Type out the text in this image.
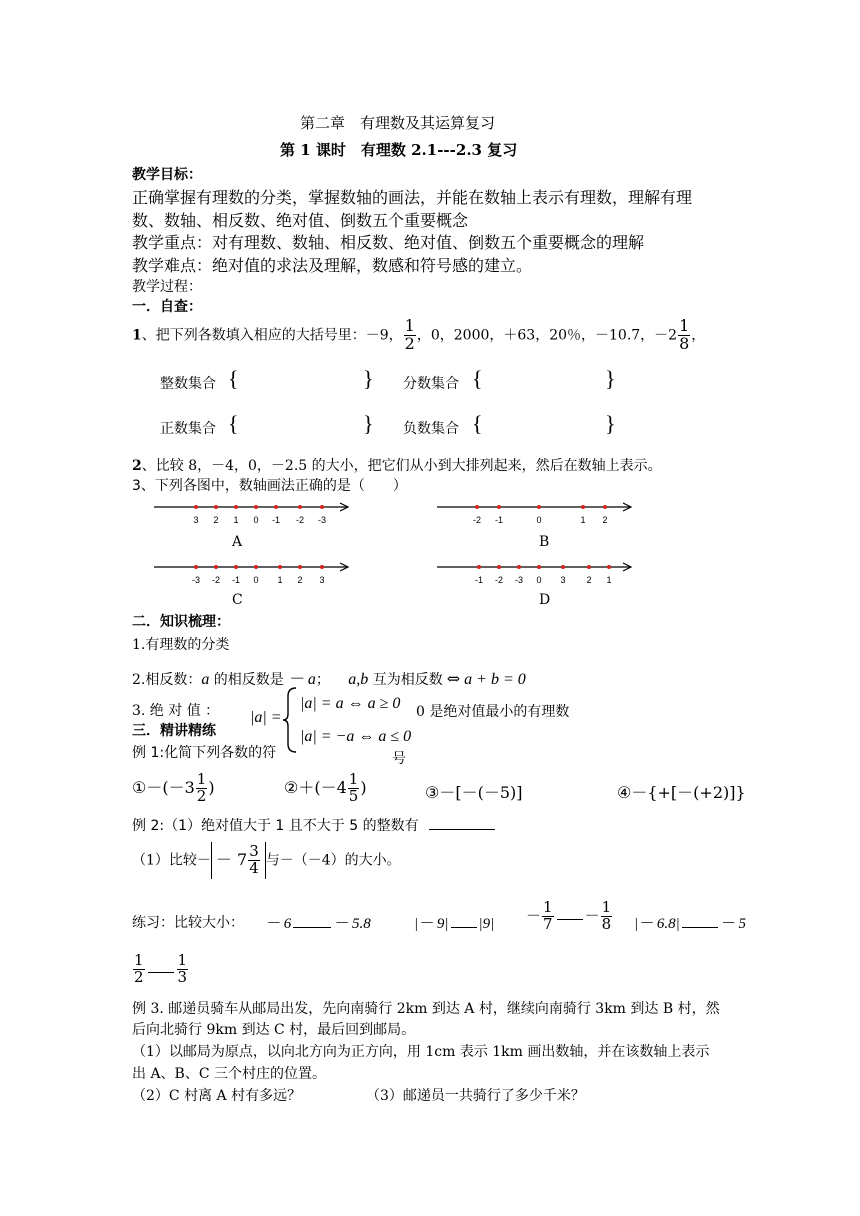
第二章　有理数及其运算复习
第 1 课时　有理数 2.1---2.3 复习
教学目标：
正确掌握有理数的分类，掌握数轴的画法，并能在数轴上表示有理数，理解有理
数、数轴、相反数、绝对值、倒数五个重要概念
教学重点：对有理数、数轴、相反数、绝对值、倒数五个重要概念的理解
教学难点：绝对值的求法及理解，数感和符号感的建立。
教学过程：
一．自查：
1、把下列各数填入相应的大括号里：－9， $\frac{1}{2}$ ，0，2000，＋63，20％，－10.7，$-2 \frac{1}{8}$ ，
整数集合 {	} 分数集合 {	}
正数集合 {	} 负数集合 {	}
2、比较 8，－4，0，－2.5 的大小，把它们从小到大排列起来，然后在数轴上表示。
3、下列各图中，数轴画法正确的是（　　）
3 2 1 0 -1 -2 -3
A
-2 -1	0	1 2
B
-3 -2 -1 0 1 2 3
C
-1 -2 -3 0 3 2 1
D
二．知识梳理：
1.有理数的分类
2.相反数：a 的相反数是 － a； a,b 互为相反数 ⇔ a + b = 0
3. 绝 对 值 ： |a| =
|a| = a ⇔ a ≥ 0
|a| = −a ⇔ a ≤ 0
0 是绝对值最小的有理数
三．精讲精练
例 1:化简下列各数的符	号
①－(－3 $\frac{1}{2}$ )	②＋(－4 $\frac{1}{5}$ )	③－[－(－5)]	④－{+[－(+2)]}
例 2:（1）绝对值大于 1 且不大于 5 的整数有
（1）比较－ － $7 \frac{3}{4}$ 与－（－4）的大小。
练习：比较大小： － 6	－ 5.8	|－ 9| $|9| - \frac{1}{7} - \frac{1}{8}$ |－ 6.8|	－ 5
$\frac{1}{2} \frac{1}{3}$
例 3. 邮递员骑车从邮局出发，先向南骑行 2km 到达 A 村，继续向南骑行 3km 到达 B 村，然
后向北骑行 9km 到达 C 村，最后回到邮局。
（1）以邮局为原点，以向北方向为正方向，用 1cm 表示 1km 画出数轴，并在该数轴上表示
出 A、B、C 三个村庄的位置。
（2）C 村离 A 村有多远？	（3）邮递员一共骑行了多少千米？
